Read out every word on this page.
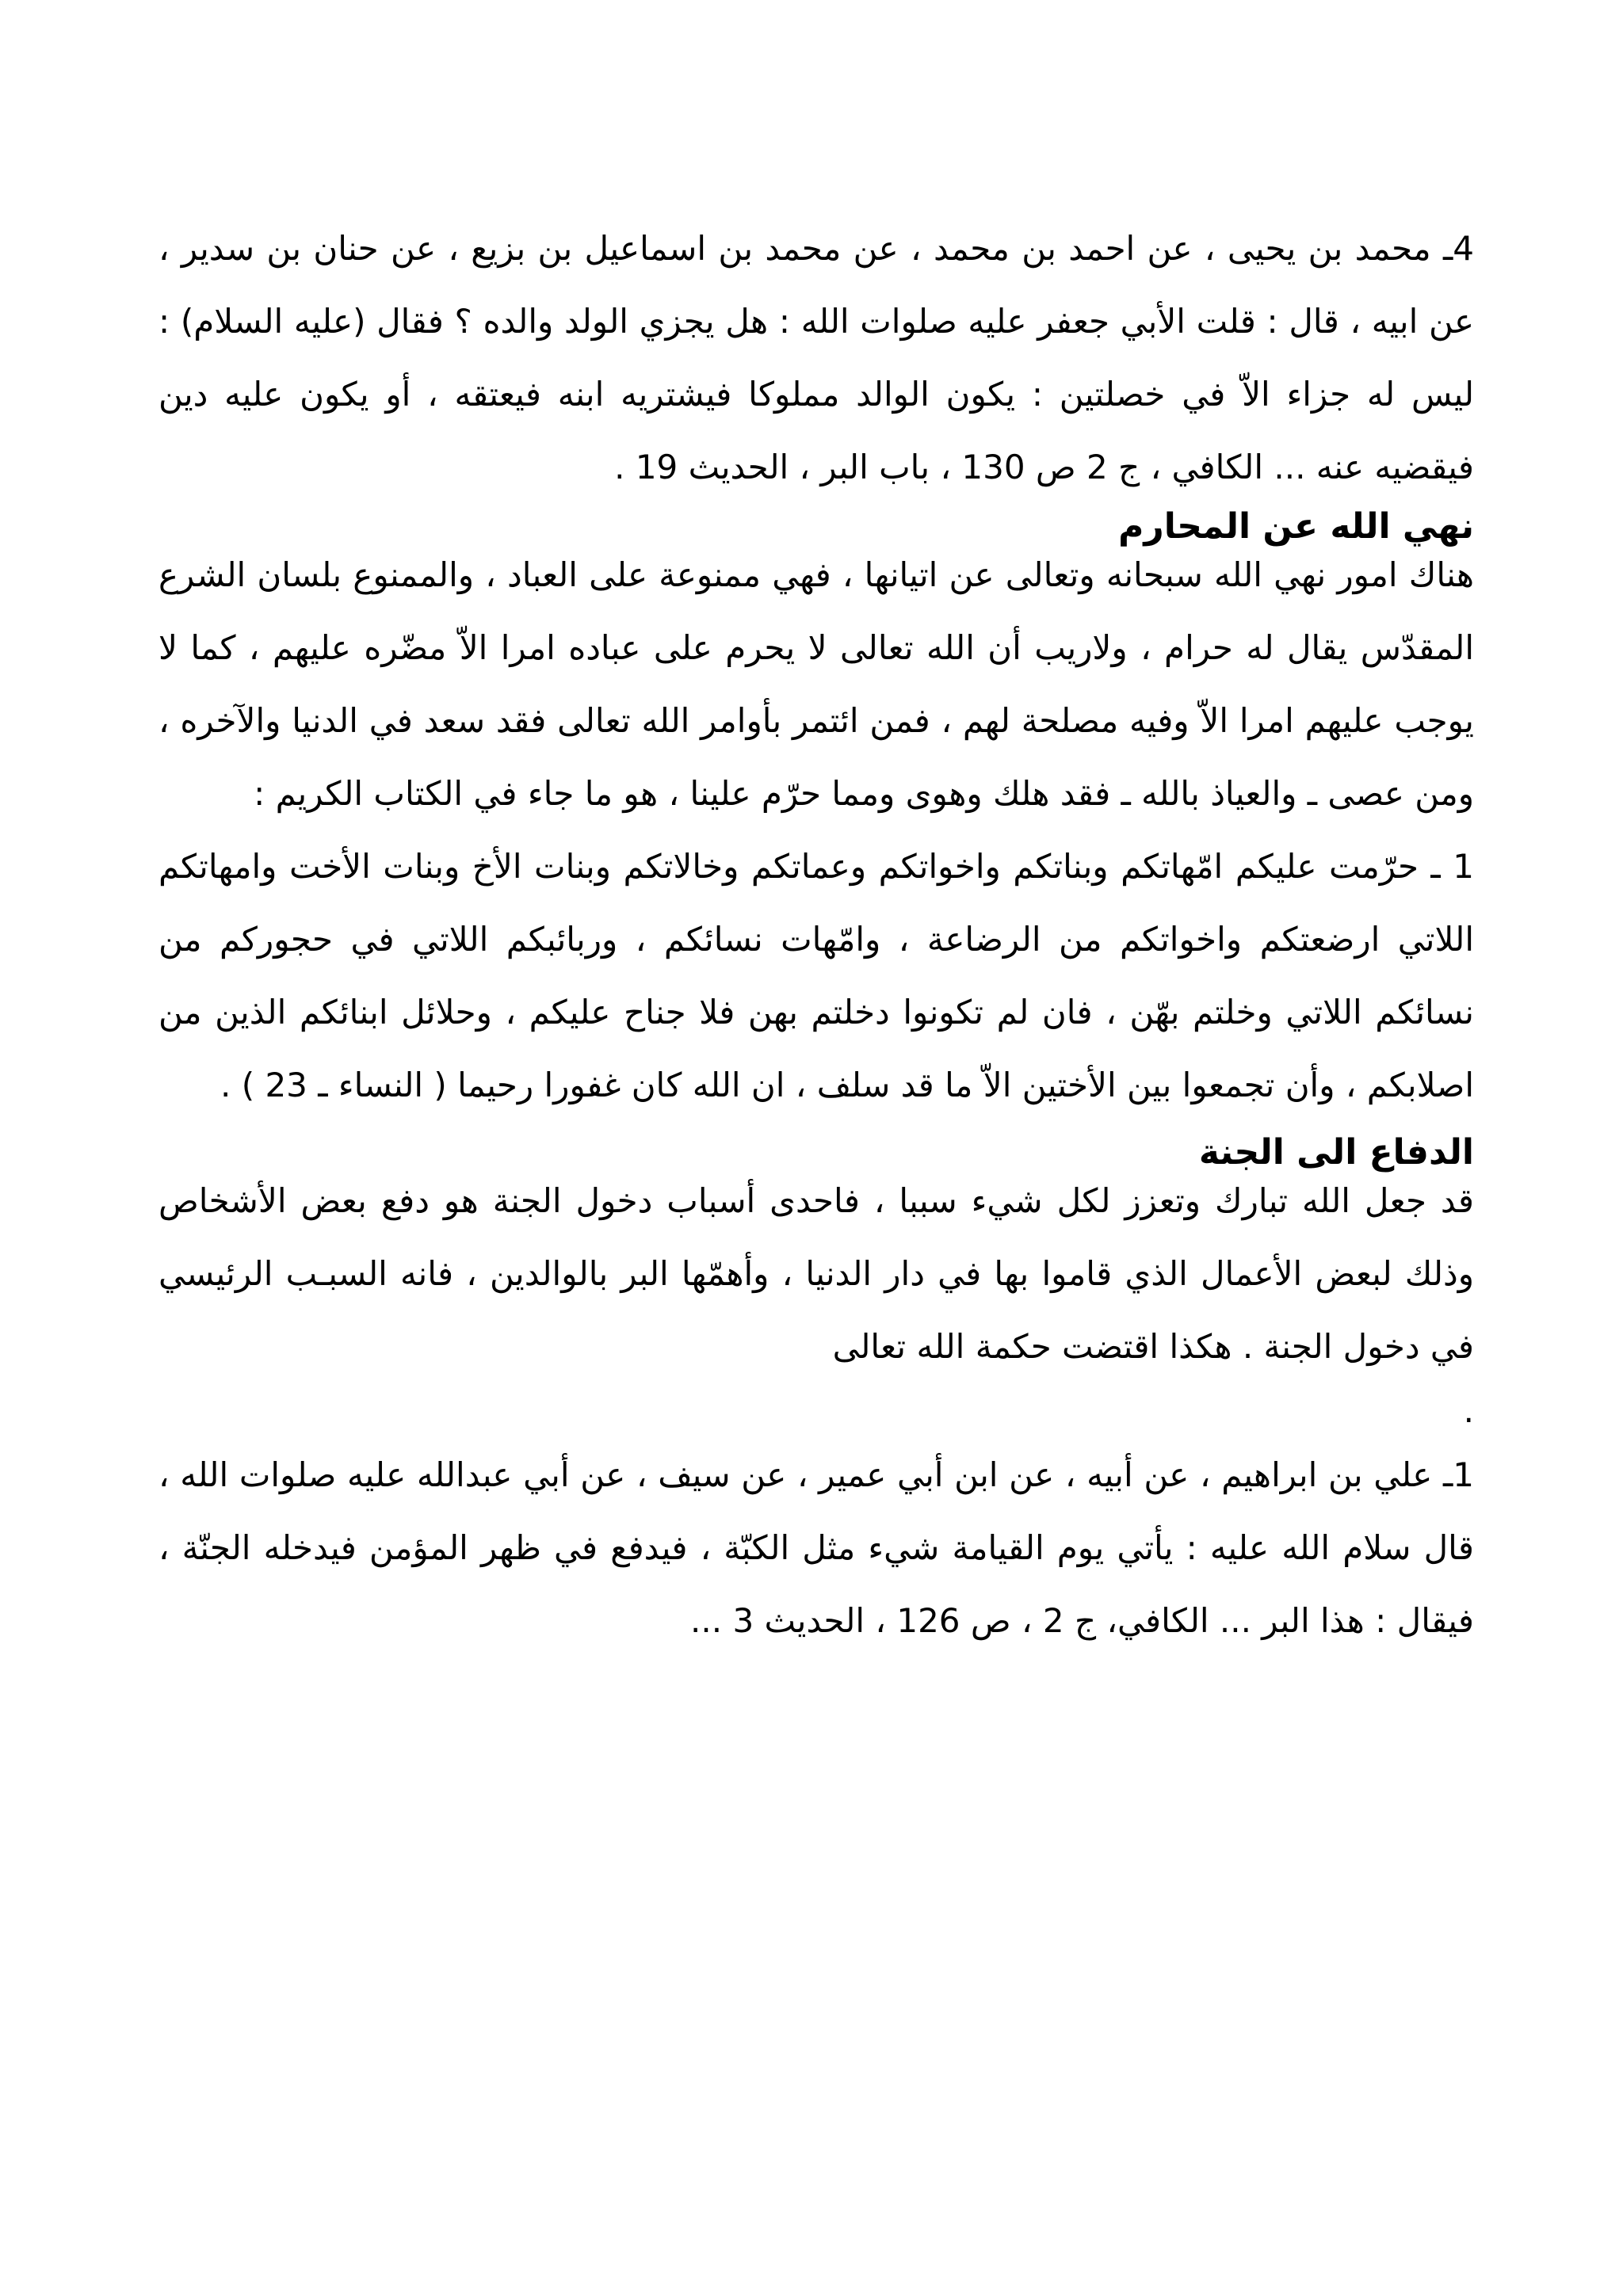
4ـ محمد بن يحيى ، عن احمد بن محمد ، عن محمد بن اسماعيل بن بزيع ، عن حنان بن سدير ، عن ابيه ، قال : قلت الأبي جعفر عليه صلوات الله : هل يجزي الولد والده ؟ فقال (عليه السلام) : ليس له جزاء الاّ في خصلتين : يكون الوالد مملوكا فيشتريه ابنه فيعتقه ، أو يكون عليه دين فيقضيه عنه ... الكافي ، ج 2 ص 130 ، باب البر ، الحديث 19 .

نهي الله عن المحارم

هناك امور نهي الله سبحانه وتعالى عن اتيانها ، فهي ممنوعة على العباد ، والممنوع بلسان الشرع المقدّس يقال له حرام ، ولاريب أن الله تعالى لا يحرم على عباده امرا الاّ مضّره عليهم ، كما لا يوجب عليهم امرا الاّ وفيه مصلحة لهم ، فمن ائتمر بأوامر الله تعالى فقد سعد في الدنيا والآخره ، ومن عصى ـ والعياذ بالله ـ فقد هلك وهوى ومما حرّم علينا ، هو ما جاء في الكتاب الكريم :

1 ـ حرّمت عليكم امّهاتكم وبناتكم واخواتكم وعماتكم وخالاتكم وبنات الأخ وبنات الأخت وامهاتكم اللاتي ارضعتكم واخواتكم من الرضاعة ، وامّهات نسائكم ، وربائبكم اللاتي في حجوركم من نسائكم اللاتي وخلتم بهّن ، فان لم تكونوا دخلتم بهن فلا جناح عليكم ، وحلائل ابنائكم الذين من اصلابكم ، وأن تجمعوا بين الأختين الاّ ما قد سلف ، ان الله كان غفورا رحيما ( النساء ـ 23 ) .

الدفاع الى الجنة

قد جعل الله تبارك وتعزز لكل شيء سببا ، فاحدى أسباب دخول الجنة هو دفع بعض الأشخاص وذلك لبعض الأعمال الذي قاموا بها في دار الدنيا ، وأهمّها البر بالوالدين ، فانه السبـب الرئيسي في دخول الجنة . هكذا اقتضت حكمة الله تعالى

.

1ـ علي بن ابراهيم ، عن أبيه ، عن ابن أبي عمير ، عن سيف ، عن أبي عبدالله عليه صلوات الله ، قال سلام الله عليه : يأتي يوم القيامة شيء مثل الكبّة ، فيدفع في ظهر المؤمن فيدخله الجنّة ، فيقال : هذا البر ... الكافي، ج 2 ، ص 126 ، الحديث 3 ...
